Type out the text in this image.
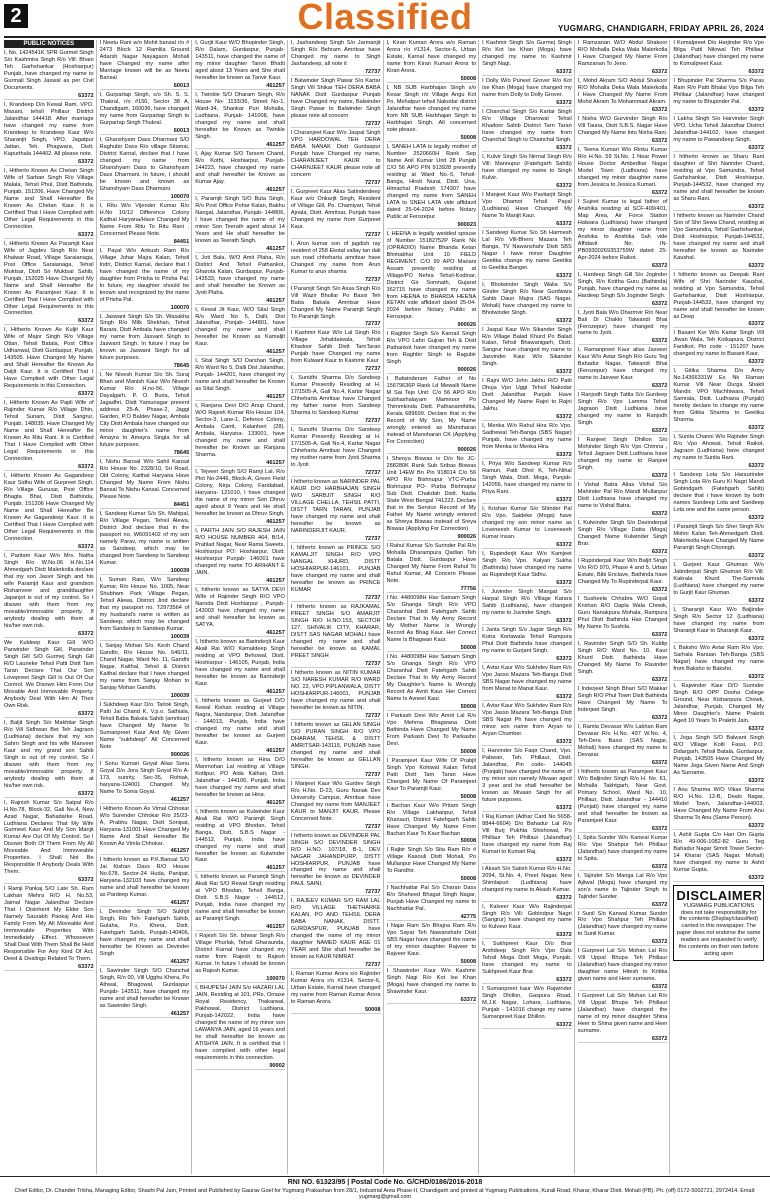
2	Classified	YUGMARG, CHANDIGARH, FRIDAY APRIL 26, 2024
PUBLIC NOTICES
I, No. 1424541K SPR Gurmel Singh S/o Kashmira Singh R/o Vill: Bhani Teh Garhshankar (Hoshiarpur) Punjab, have changed my name to Gurmail Singh Jaswal as per Civil Documents.
63372
I, Krandeep D/o Kewal Ram, VPO. Masani, tehsil Phillaur District Jalandhar 144418. After marriage have changed my name from Krandeep to Krandeep Kaur W/o Sharanjit Singh, VPO. Jagatpur Jattan, Teh. Phagwara, Distt. Kapurthala 144402. All please note.
63372
I, Hitherto Known As Chetan Singh Wife of Sarban Singh R/o Village Malala, Tehsil Phul, Distt Bathinda, Punjab, 151206. Have Changed My Name and Shall Hereafter Be Known As Chetan Kaur. It is Certified That I Have Complied with Other Legal Requirements in this Connection.
63372
I, Hitherto Known As Paramjit Kaur Wife of Jagdev Singh R/o Near Khalwar Road, Village Saraianaga, Post Office Saraianaga, Tehsil Muktsar, Distt Sri Muktsar Sahib, Punjab, 152025 Have Changed My Name and Shall Hereafter Be Known As Paramjeet Kaur. It is Certified That I Have Complied with Other Legal Requirements in this Connection.
63372
I, Hitherto Known As Kuljit Kaur Wife of Major Singh R/o Village Otian, Tehsil Batala, Post Office Udhanwal, Distt Gurdaspur, Punjab, 143505. Have Changed My Name and Shall Hereafter Be Known As Daljit Kaur. It is Certified That I Have Complied with Other Legal Requirements in this Connection.
63372
I, Hitherto Known As Papli Wife of Rajinder Kumar R/o Village Dhin, Tehsil Sunam, Distt Sangrur, Punjab, 148035. Have Changed My Name and Shall Hereafter Be Known As Ritu Rani. It is Certified That I Have Complied with Other Legal Requirements in this Connection.
63372
I, Hitherto Known As Gagandeep Kaur Sidhu Wife of Gurpreet Singh, R/o Village Gurusar, Post Office Bhagta Bhai, Distt Bathinda, Punjab, 151206 Have Changed My Name and Shall Hereafter Be Known As Gagandeep Kaur. It is Certified That I Have Complied with Other Legal Requirements in this Connection.
63372
I, Paritam Kaur W/o Mrs. Natha Singh R/o W.No.06 H.No.114 Ahmedgarh Distt Malerkotla declare that my son Jasvir Singh and his wife Paramjit Kaur and grandson Rishanveer and granddaughter Japanjot is out of my control. So I disown with them from my movable/immovable property. If anybody dealing with them at his/her own risk.
63372
We Kuldeep Kaur Gill W/O Parwinder Singh Gill, Parwinder Singh Gill S/O Gurmej Singh Gill R/O Launeke Tehsil Patti Distt Tarn Taran Declare That Our Son Lovepreet Singh Gill Is Out Of Our Control. We Disown Him From Our Movable And Immovable Property. Anybody Deal With Him At Their Own Risk.
63372
I, Baljit Singh S/o Makhtiar Singh R/o Vill Sidhwan Bet Teh Jagraon (Ludhiana) declare that my son Sahrn Singh and his wife Manveer Kaur and my grand son Sahib Singh is out of my control. So I disown with them from my movable/immovable property. If anybody dealing with them at his/her own risk.
63372
I, Rajnish Kumar S/o Satpal R/o H.No.78, Block-32, Gali No.4, New Azad Nagar, Bahadarke Road, Ludhiana Declares That My Wife Gurmeet Kaur And My Son Manjit Kumar Are Out Of My Control. So I Disown Both Of Them From My All Moveable And Immoveable Properties. I Shall Not Be Responsible If Anybody Deals With Them.
63372
I Ramji Pankaj S/O Late Sh. Ram Lakhan Mehra R/O H. No.53, Jaimal Nagar Jalandhar Declare That I Disinherit My Elder Son Namely Saurabh Pankaj And His Family From My All Moveable And Immoveable Properties With Immediately Effect. Whosoever Shall Deal With Them Shall Be Held Responsible For Any Kind Of Act, Deed & Dealings Related To Them.
63372
I Neetu Rani w/o Mohit bansal r/o # 2473 Block 12 Ramlila Ground Adarsh Nagar Nayagaon Mohali have Changed my name after Marriage known will be as Neetu Bansal
60013
I, Gurpartap Singh, s/o Sh. S. S. Thakral, r/o #150, Sector 38 A, Chandigarh, 160036, have changed my name from Gurpartap Singh to Gurpartap Singh Thukral.
60013
I, Ghanshyam Dass Dharmani S/O Raghubir Dass R/o village Sitamai, District Karnal, declare that I have changed my name from Ghanshyam Dass to Ghanshyam Dass Dharmani. In future, I should be known and known as Ghanshyam Dass Dharmani.
100070
I, Ritu W/o Vijender Kumar R/o H.No 10/12 Difference Colony Kaithal Haryana/Have Changed My Name From Ritu To Ritu Rani . Concerned Please Note.
84451
I, Payal W/o Ankush Ram R/o Village Johar Majra Kalan, Tehsil Indri, District Karnal, declare that I have changed the name of my daughter from Prisha to Prisha Pal. In future, my daughter should be known and recognized by the name of Prisha Pal.
100070
I, Jaswant Singh S/o Sh. Wasakha Singh R/o Milk Shekhan, Tehsil Barara, Distt Ambala have changed my name from Jasvant Singh to Jaswant Singh. In future I may be known as Jaswant Singh for all future purposes.
78645
I, Ne Nivesh Kumar S/o Sh. Suraj Bhan and Manish Kaur W/o Nivesh Kumar R/o H.no-56, Village Dayalgarh, P. O. Buria, Tehsil Jagadhri, Distt Yamunagar present address 25-A, Phase-2, Jaggi Garden, P.O Baldev Nagar, Ambala City Distt Ambala have changed our minor daughter's name from Amayra to Amayra Singla for all future purposes.
78645
I, Nishu Bansal W/o Sahil Kansal R/o House No. 2328/10, Sri Road, Old Colony, Kaithal Haryana Have Changed My Name From Nishu Bansal To Nishu Kansal. Concerned Please Note.
84451
I, Sandeep Kumar S/o Sh. Mahipal, R/o Village Pegan, Tehsil Alewa, District Jind declare that in the passport no. W6091402 of my son namely Parav, my name is written as Sandeep, which may be changed from Sandeep to Sandeep Kumar.
100039
I, Suman Rani, W/o Sandeep Kumar, R/o House No. 1005, Near Shubham Park Village Pegan, Tehsil Alewa, District Jind declare that my passport no. T2973564 of my husband's name is written as Sandeep, which may be changed from Sandeep to Sandeep Kumar.
100039
I, Sanjay Mohan S/o. Kesh Chand Gandhi, R/o House No. 646/11, Chand Nagar, Ward No. 11, Gandhi Nagar, Kaithal, Tehsil & District Kaithal declare that I have changed my name from Sanjay Mohan to Sanjay Mohan Gandhi.
100039
I Sukhdeep Kaur D/o. Tarlok Singh, Patti Jai Chand K, V.p.o. Sathiala, Tehsil Baba Bakala Sahib (amritsar) have Changed My Name To Sumanpreet Kaur And My Given Name "sukhdeep" All Concerned Note
900026
I Sonu Kumari Goyal Alias Sonu Goyal D/o Jora Singh Goyal R/o A-173, sunrity, Sec-35, Rohtak, haryana-124001 Changed My Name To Sonia Goyal.
461257
I Hitherto Known As Vimal Chhokar W/o Surender Chhokar R/o 25/23-A, Prabhu Nagar, Distt Sonipat, Haryana-131001 Have Changed My Name And Shall Hereafter Be Known As Vimla Chhokar.
461257
I hitherto known as P.K.Bansal S/O Jai Kishan Dass R/O House No.678, Sector-24 Huda, Panipat, Haryana-132103 have changed my name and shall hereafter be known as Pardeep Kumar.
461257
I, Devinder Singh S/O Sukhjit Singh, R/o Teh- Fatehgarh Sahib, Gulaha, P.o. Khera, Distt. Fatehgarh Sahib, Punjab-140406, have changed my name and shall hereafter be Known as Devinder Singh
461257
I, Sawinder Singh S/O Chanchal Singh, R/o 00, Vill Ugghu Khera, Po Athwal, Bhagowal, Gurdaspur Punjab- 143511, have changed my name and shall hereafter be Known as Sawinder Singh.
461257
I, Gurjit Kaur W/O Bhupinder Singh, R/o Dalam, Gurdaspur, Punjab-143511, have changed the name of my minor daughter Tanvir Bhatti aged about 13 Years and She shall hereafter be known as Tanvir Kaur.
461257
I, Twinkle S/O Dharam Singh, R/o House No- 1133/36, Street No-1, Ward-34, Shankar Puri Mohalla, Ludhiana, Punjab- 141008, have changed my name and shall hereafter be Known as Twinkle Singh.
461257
I, Ajay Kumar S/O Tarsem Chand, R/o Kothi, Hoshiarpur, Punjab-144223, have changed my name and shall hereafter be Known as Kumar Ajay.
461257
I, Paramjit Singh S/O Buta Singh, R/o Post Office Pohar Kalan, Bakhu Nangal, Jalandhar, Punjab- 144806, I have changed the name of my minor Son Teerath aged about 14 Years and He shall hereafter be known as Teerath Singh.
461257
I, Joti Bala, W/O Amit Plaha, R/o District And Tehsil Pathankot, Gharota Kalan, Gurdaspur, Punjab-143533, have changed my name and shall hereafter be Known as Jyoti Plaha.
461257
I, Kewal Jit Kaur, W/O Sital Singh R/o Ward No 5, Dalli, Dist Jalandhar, Punjab- 144801, have changed my name and shall hereafter be Known as Kamaljit Kaur.
461257
I, Sital Singh S/O Darshan Singh, R/o Ward No 5, Dalli Dist Jalandhar, Punjab- 144201, have changed my name and shall hereafter be Known as Sital Singh.
461257
I, Ranjana Devi D/O Anup Chand, W/O Rajesh Kumar R/o House 104, Sector-3, Lane-1, Defence Colony, Ambala Cantt, Kalanheri (28), Ambala, Haryana- 133001, have changed my name and shall hereafter be Known as Ranjana Sharma.
461257
I, Tejveer Singh S/O Ramji Lal, R/o Plot No-2446, Block-A, Green Field Colony, Nirja Colony, Faridabad, Haryana- 121010, I have changed the name of my minor Son Dhruv aged about 9 Years and He shall hereafter be known as Dhruv Singh.
461257
I, PARTH JAIN S/O RAJESH JAIN R/O HOUSE NUMBER 464, B/14, Prahlad Nagar, Near Rama Sweets, Hoshiarpur PO: Hoshiarpur, Distt: Hoshiarpur Punjab- 146001 have changed my name TO ARIHANT E JAIN.
461257
I, hitherto known as SATYA DEVI Wife of Rajinder Singh R/O VPO Naroda Distt Hoshiarpur , Punjab-143003 have changed my name and shall hereafter be known as SATYA.
461257
I, hitherto known as Barinderjit Kaur Akali Rai W/O Kamaldeep Singh residing at VPO Behowal, Distt. Hoshiarpur - 146105, Punjab, India have changed my name and shall hereafter be known as Barinderjit Kaur.
461257
I, hitherto known as Gurjeet D/O Kewal Kishan residing at Village Nagra, Nandanpur, Distt. Jalandhar - 144013, Punjab, India have changed my name and shall hereafter be known as Gurjeet Kaur.
461257
I, hitherto known as Hina D/O Manmohan Lal residing at Village Kotlipur, PO Aida Kalhan, Distt. Jalandhar - 144106, Punjab, India have changed my name and shall hereafter be known as Hina.
461257
I, hitherto known as Kulwinder Kaur Akali Rai W/O Paramjit Singh residing at VPO Bhodan, Tehsil Banga, Distt. S.B.S Nagar - 144512, Punjab, India have changed my name and shall hereafter be known as Kulwinder Kaur.
461257
I, hitherto known as Paramjit Singh Akali Rai S/O Rewal Singh residing at VPO Bhodan, Tehsil Banga, Distt. S.B.S Nagar - 144512, Punjab, India have changed my name and shall hereafter be known as Paramjit Singh.
461257
I Rajesh S/o Sh. Ishwar Singh R/o Village Phurlak, Tehsil Gharaunda, District Karnal have changed my name from Rajesh to Rajesh Kumar. In future I should be known as Rajesh Kumar.
100070
I, BHUPESH JAIN S/o HAZARI LAL JAIN, Residing at 101, PRs, Omaxe Royal Residency, Thakarwal, Pakhowal, District Ludhiana, Punjab-142022, India have changed the name of my minor son LAWANYA JAIN, aged 16 years and he shall hereafter be known as ATISHYA JAIN. It is certified that I have complied with other legal requirements in this connection.
90002
I, Jashandeep Singh S/o Jarmanjit Singh R/o Behram Amritsar have Changed my name to Singh Jashandeep, all note it
72737
I Balwinder Singh Pawar S/o Kartar Singh Vill Shikar TEH DERA BABA NANAK Distt Gurdaspur Punjab have Changed my name, Balwinder Singh Pawar to Balwinder Singh please note all concern
72737
I Charanjeet Kaur W/o Jaspal Singh VPO HARDOWAL TEH DERA BABA NANAK Distt Gurdaspur Punjab have Changed my name, CHARANJEET KAUR to CHARNJEET KAUR please note all concern
72737
I, Gurpreet Kaur Alias Satinderdeep Kaur w/o Onkarjit Singh, Resident of Village Gill, Po. Chamiyari, Tehsil Ajnala, Distt. Amritsar, Punjab have Changed my name from Gurpreet Kaur.
72737
I, Arun kumar son of jagdish ray resident of 258 Ekotal vallay tan dali sun road chheharta amritsar have Changed my name from Arun Kumar to arun sharma
72737
I Paramjit Singh S/o Assa Singh R/o Vill Wazir Bhullar Po Bassi Teh Baba Bakala Amritsar Have Changed My Name Paramjit Singh To Paramjit Singh
72737
I Kashmir Kaur W/o Lal Singh R/o Village Johaldaiwala, Tehsil Khadoor Sahib Distt TarnTaran Punjab have Changed my name from Kulwant Kaur to Kashmir Kaur
72737
I, Sunidhi Sharma D/o Sandeep Kumar Presently Residing at H. 17/1505-A, Gali No.4, Kartar Nagar Chheharta Amritsar have Changed my father name from Sandeep Sharma to Sandeep Kumar
72737
I, Sunidhi Sharma D/o Sandeep Kumar Presently Residing at H. 17/1505-A, Gali No.4, Kartar Nagar Chheharta Amritsar have Changed my mother name from Jyoti Sharma to Jyoti
72737
I hitherto known as NARINDER PAL KAUR D/O HARBHAJAN SINGH W/O SARBJIT SINGH R/O VILLAGE CHELLA, TEHSIL PATTI, DISTT TARN TARAN, PUNJAB have changed my name and shall hereafter be known as NARINDERJIT KAUR.
72737
I, hitherto known as PRINCE S/O KAMALJIT SINGH R/O VPO NANGAL KHURD, DISTT HOSHIARPUR-146101, PUNJAB have changed my name and shall hereafter be known as PRINCE KUMAR
72737
I hitherto known as RAJKAMAL PREET SINGH S/O AMARJIT SINGH R/O H.NO.153, SECTOR 127, SHIVALIK CITY, KHARAR, DISTT SAS NAGAR MOHALI have changed my name and shall hereafter be known as KAMAL PREET SINGH
72737
I hitherto known as NITIN KUMAR S/O NARESH KUMAR R/O WARD NO. 22, VPO PIPLANWALA, DISTT HOSHIARPUR-146001, PUNJAB have changed my name and shall hereafter be known as NITIN.
72737
I hitherto known as GELAN SINGH S/O PURAN SINGH R/O VPO DHARAM, TEHSIL & DISTT AMRITSAR-143115, PUNJAB have changed my name and shall hereafter be known as GELLAN SINGH.
72737
I Manjeet Kaur W/o Gurdev Singh R/o H.No. D-23, Guru Nanak Dev University Campus, Amritsar have Changed my name from MANJEET KAUR to MANJIT KAUR. Please Concerned Note.
72737
I hitherto known as DEVINDER PAL SINGH S/O DEVINDER SINGH R/O H.NO. 107/18, B-1, DEV NAGAR JAHANDPURP, DISTT HOSHIARPUR, PUNJAB have changed my name and shall hereafter be known as DEVINDER PAUL SAINI.
72737
I, RAJEEV KUMAR S/O RAM LAL R/O VILLAGE THETHARKE KALAN, PO AND TEHSIL DERA BABA NANAK, DISTT. GURDASPUR, PUNJAB have changed the name of my minor daughter NAMED KAUR AGE 01 YEAR and She shall hereafter be known as KAUR NIMRAT
72737
I, Raman Kumar Arora s/o Rajinder Kumar Arora r/o #1314, Sector-6, Urban Estate, Karnal have changed my name from Raman Kumar Arora to Raman Arora.
50008
I, Kiran Kumari Arora w/o Raman Arora r/o #1314, Sector-6, Urban Estate, Karnal have changed my name from Kiran Kumari Arora to Kiran Arora.
50008
I, NB SUB Harbhajan Singh s/o Kesar Singh r/o Village Angu Kot Po. Mehatpur tehsil Nakodar district Jalandhar have changed my name from NB SUB Harbhajan Singh to Harbhajan Singh. All concerned note please.
50008
I, SANEH LATA is legally mother of Number 2520660H Rank Sep Name Anil Kumar Unit 28 Punjab C/O 56 APO PIN 913928 presently residing at Ward No.-5, Tehsil-Banga, Hindi Nurai, Distt. Una, Himachal Pradesh 174307 have changed my name from SANEH LATA to SNEH LATA vide affidavit dated 25-04-2024 before Notary Public at Ferozepur.
900023
I, HEENA is legally wedded spouse of Number 15182752P Rank Nk (OPRADIO) Name Bhanda Ketan Bhimabhai Unit 10 FIELD REGIMENT. C/O 99 APO Mariani Assam presently residing at Village/PO Nehra Tehsil-Kodinar, District Gir Somnath, Gujarat 362715 have changed my name from HEENA to BHARDA HEENA KETAN vide affidavit dated 25-04-2024 before Notary Public at Ferozepur.
900026
I Raghbir Singh S/o Karnail Singh R/o VPO Lahri Gujran Teh & Distt Pathankot have changed my name from Raghbir Singh to Ragubir Singh
900026
I Balwinderam Father of No 15679636P Rank Ld Mewalli Name M Sai Tejo Unit: C/o 56 APO R/o Subhashalayam Mamnoor Po Thimmkinda Distt. Pathanamthitta, Kerala 689699. Declare that in the Record of My Son, My Name wrongly entered as Manoharan instead of Manoharan CK (Applying For Correction)
900026
I Sheoya Biswas is D/o No JC-288280K Rank Sub Sribas Biswas Unit 14EW Bn Pin 918014 C/o 56 APO R/o Bishnupur VTC-Purba Bishnupur PO- Purba Bishnupur Sub Distt. Chakdah Distt. Nadia State West Bengal 741223. Declare that in the Service Record of My Father My Name wrongly entered as Shreya Biswas instead of Sreya Biswas (Applying For Correction)
900026
I Rahul Kumar S/o Surinder Pal R/o Mohalla Dharampura Qadian Teh Batala Distt. Gurdaspur Have Changed My Name From Rahul To Rahul Kumar, All Concern Please Note.
77756
I No. 4480098H Hav Satnam Singh S/o Ghanga Singh R/o VPO Charanhal Distt Fatehgarh Sahib Declare That In My Army Record My Mother Name Is Wrongly Record As Bhag Kaur. Her Correct Name Is Bhagwan Kaur.
50008
I No. 4480098H Hav Satnam Singh S/o Ghanga Singh R/o VPO Charanhal Distt Fatehgarh Sahib Declare That In My Army Record My Daughter's Name Is Wrongly Record As Avnit Kaur. Her Correct Name Is Avneet Kaur.
50008
I Parkash Devi W/o Amrit Lal R/o Vpo Mehma Bhagwana Distt Bathinda Have Changed My Name From Parkash Devi To Parkasho Devi.
50008
I Paramjeet Kaur Wife Of Prabjit Singh Vpo Kohiwal Kalan Tehsil Patti Distt Tarn Taran Have Changed My Name Of Paramjeet Kaur To Paramjit Kaur.
50008
I Bachan Kaur W/o Pritam Singh R/o Village Lakhanpur, Tehsil Khanauri, District Fatehgarh Sahib Have Changed My Name From Bachan Kaur To Kaur Bachan
50008
I Rajbir Singh S/o Sita Ram R/o # Village Kasouli Distt Mohali, Po Mullanpur Have Changed My Name To Randhir.
50008
I Nachhattar Pal S/o Charan Dass R/o Shaheed Bhagat Singh Nagar, Punjab Have Changed my name to Nachhattar Pal.
42775
I Najar Ram S/o Bhajna Ram R/o Vpo Sayar Teh Nawanshahr Distt SBS Nagar have changed the name of my minor daughter Rajveer to Rajveer Kaur.
50008
I Shawinder Kaur W/o Kashmir Singh Nagi R/o Kot Ise Khan (Moga) have changed my name to Shawinder Kaur.
63372
I Kashmir Singh S/o Gurmej Singh R/o Kot Ise Khan (Moga) have changed my name to Kashmir Singh Nagi.
63372
I Dolly W/o Puneet Grover R/o Kot Ise Khan (Moga) have changed my name from Dolly to Dolly Grover.
63372
I Chanchal Singh S/o Kartar Singh R/o Village Dharowal Tehsil Khadoor Sahib District Tarn Taran have changed my name from Chanchal Singh to Chainchal Singh.
63372
I, Kulvir Singh S/o Nirmal Singh R/o Vill: Mannupur (Fatehgarh Sahib) have changed my name to Singh Kulvir.
63372
I Manjeet Kaur W/o Pavitarjit Singh Vpo Dhamot Tehsil Payal (Ludhiana) Have Changed My Name To Manjit Kaur.
63372
I Sandeep Kumar S/o Sh Harmesh Lal R/o Vill-Bhero Mazara Teh Banga, TV Nawanshahr Distt SBS Nagar I have minor Daughter Geetika change my name Geetika to Geetika Banger.
63372
I, Bholwinder Singh Walia S/o Ginder Singh R/o Near Gurdwara Sahib Daun Majra (SAS Nagar, Mohali) have changed my name to Bholwinder Singh.
63372
I Jaspal Kaur W/o Sikander Singh R/o Village Balad Khurd Po Balad Kalan, Tehsil Bhawanigarh, Distt. Sangrur have changed my name to Jasvinder Kaur W/o Sikander Singh.
63372
I Rajni W/O John Jakhu R/O Patti Dhuja Vpo Uggi Tehsil Nakodar Distt Jalandhar Punjab Have Changed My Name Rajni to Rajni Jakhu.
63372
I, Menka W/o Rahul Hira R/o Vpo. Sadhewal Teh-Banga (SBS Nagar) Punjab, have changed my name from Menka to Menka Hira.
63372
I, Priya W/o Sandeep Kumar R/o Ramun, Patti Dhol K, Teh-Nihal Singh Wala, Distt. Moga, Punjab-142056, have changed my name to Priya Rani.
63372
I, Krishan Kumar S/o Shinder Pal R/o Vpo. Saideke (Moga) have changed my son minor name as Loveneesh Kumar to Loveneesh Kumar Insan.
63372
I, Rupinderjit Kaur W/o Kamjeet Singh R/o Vpo. Kalyan Sukha (Bathinda) have changed my name as Rupinderjit Kaur Sidhu.
63372
I, Juvinder Singh Mangat S/o Harpal Singh R/o Village Karara Sahib (Ludhiana), have changed my name to Juvinder Singh.
63372
I Janta Singh S/o Jagsir Singh R/o Kotra Koriawala Tehsil Rampura Phul Distt Bathinda have changed my name to Gurjant Singh.
63372
I, Avtar Kaur W/o Sukhdev Ram R/o Vpo Jasso Mazara Teh-Banga Distt SBS Nagar have changed my name from Manat to Manat Kaur.
63372
I, Avtar Kaur W/o Sukhdev Ram R/o Vpo Jasso Mazara Teh-Banga Distt SBS Nagar Ph have changed my minor son name from Aryan to Aryan Chumber.
63372
I, Harvinder S/o Faqir Chand, Vpo. Pabwan, Teh. Phillaur, Distt. Jalandhar, Pin code- 144045 (Punjab) have changed the name of my minor son namely Mivaan aged 3 year and he shall hereafter be known as Mivaan Singh for all future purposes.
63372
I Raj Kumari (Adhar Card No 5658-8844-6604) D/o Bahadur Lal R/o Vill Burj Pukhta Shishowal, Po Phillaur Teh Phillaur (Jalandhar) have changed my name from Raj Kumari to Kumari Raj.
63372
I Akash S/o Satish Kumar R/o H.No. 2094, St.No. 4, Preet Nagar, New Shimlapuri (Ludhiana) have changed my name to Akash Kumar.
63372
I, Kalveer Kaur W/o Rajinderpal Singh R/o Vill: Gobindpur Nagri (Sangrur) have changed my name to Kulveer Kaur.
63372
I, Sukhpreet Kaur D/o Brar Arshdeep Singh R/o Vpo Dala Tehsil Moga Distt Moga, Punjab, have changed my name to Sukhpreet Kaur Brar.
63372
I Sumanpreet kaur W/o Rajwinder Singh Dhillon, Gaspura Road, M.J.K Nagar, Lohara, Ludhiana, Punjab - 141016 change my name Sumanpreet Kaur Dhillon.
63372
I Ramzanan W/O Abdul Shakoor R/O Mohalla Deka Wala Malerkotla I Have Changed My Name From Ramzanan To Jeno.
63372
I, Mohd Akram S/O Abdul Shakoor R/O Mohalla Deka Wala Malerkotla I Have Changed My Name From Mohd Akram To Mohammad Akram.
63372
I Nisha W/O Gurvinder Singh R/o Vill Tauna, Distt S.B.S. Nagar Have Changed My Name Into Nisha Rani.
63372
I, Teena Kumari W/o Rinku Kumar R/o H.No. 59 St.No. 1 Near Power House Doctor Ambedkar Nagar Model Town (Ludhiana) have changed my minor daughter name from Jessica to Jessica Kumari.
63372
I Sujeet Kumar is legal father of Anshika residing at SCF-409/401, Map Area, Air Force Station Halwara (Ludhiana) have changed my minor daughter name from Anshika to Anshika Sah vide Affidavit No. IN-PB09300269353759W dated 25-Apr-2024 before Raikot.
63372
I, Hardeep Singh Gill S/o Joginder Singh, R/o Kottha Guru (Bathinda) Punjab, have changed my name as Hardeep Singh S/o Joginder Singh.
63372
I, Jyoti Bala W/o Dharmvir R/o Near Bali Di Chakki Talwandi Bhai (Ferozepur) have changed my name to Jyoti.
63372
I, Ramanpreet Kaur alias Jasveer Kaur W/o Avtar Singh R/o Guru Teg Bahadur Nagar, Talwandi Bhai (Ferozepur) have changed my name to Jasveer Kaur.
63372
I Ranjodh Singh Tattla S/o Gurdeep Singh R/o Vpo Lamma Tehsil Jagraon Distt Ludhiana have changed my name to Ranjodh Singh.
63372
I Ranjeet Singh Dhillon S/o Mohinder Singh R/o Vpo Chimna , Tehsil Jagraon Distt Ludhiana have changed my name to Ranjeet Singh.
63372
I Vishal Batra Alias Vishal S/o Mahinder Pal R/o Mandi Mullanpur Distt Ludhiana have changed my name to Vishal Batra.
63372
I, Kulwinder Singh S/o Davinderpal Singh R/o Village Datta (Moga) Changed Name Kulwinder Singh Brar.
63372
I Rupinderpal Kaur W/o Baljit Singh V/o R/O 970, Phase 4 and 5, Urban Estate, Bibi Enclave, Bathinda have Changed My To Rupinderpal Kaur.
63372
I Susheela Chhabra W/O Gopal Krishan R/O Dapla Wala Chowk, Guru Nanakpura Mohala, Rampura Phul Distt Bathinda Has Changed My Name To Sushila.
63372
I, Ravinder Singh S/O Sh. Kuldip Singh R/O Ward No. 10, Kaur Khurd Distt. Bathinda Have Changed My Name To Ravinder Singh.
63372
I Inderjeet Singh Bhari S/O Makkar Singh R/O Phul Town Distt Bathinda Have Changed My Name To Inderjeet Singh.
63372
I, Ramla Devasar W/o Lakhan Ram Devasar R/o H.No. 497 W.No. 4, Teh-Dera Bassi (SAS Nagar, Mohali) have changed my name to Devasar.
63372
I hitherto known as Paramjeet Kaur W/o Baljinder Singh R/o H. No. 61, Mohalla Takhtgarh, Near Govt. Primary School, Ward No. 10, Phillaur, Distt. Jalandhar - 144410 (Punjab) have changed my name and shall hereafter be known as Paramjeet Kaur.
63372
I, Spita Sunder W/o Kanwal Kumar R/o Vpo Shahpur Teh Phillaur (Jalandhar) have changed my name to Spita.
63372
I, Tajinder S/o Manga Lal R/o Vpo Ajitwal (Moga) have changed my son's name to Tajinder Singh to Tajinder Sunder.
63372
I Sunil S/o Kanwal Kumar Sunder R/o Vpo Shahpur Teh Phillaur (Jalandhar) have changed my name to Sunil Kumar.
63372
I Gurpreet Lal S/o Mohan Lal R/o Vill Uppal Bhupa Teh Phillaur (Jalandhar) have changed my minor daughter name Hitesh to Kritika given name and Heer surname.
63372
I Gurpreet Lal S/o Mohan Lal R/o Vill Uppal Bhupa Teh Phillaur (Jalandhar) have changed the name of my minor daughter Shina Heer to Shina given name and Heer surname.
63372
I Komalpreet D/o Harjinder R/o Vpo Bilga Patti Nilowal Teh Phillaur (Jalandhar) have changed my name to Komalpreet Kaur.
63372
I Bhupinder Pal Sharma S/o Paras Ram R/o Patti Bhalai Vpo Bilga Teh Phillaur (Jalandhar) have changed my name to Bhupinder Pal.
63372
I Lakha Singh S/o Harvinder Singh VPO. Ucha Tehsil Jalandhar District Jalandhar-144102, have changed my name to Pawandeep Singh.
63372
I hitherto known as Sharu Rani daughter of Shri Narinder Chand, residing at Vpo Samundra, Tehsil Garhshankar, Distt Hoshiarpur, Punjab-144532, have changed my name and shall hereafter be known as Sharu Rani.
63372
I hitherto known as Narinder Chand Son of Shri Sewa Chand, residing at Vpo Samundra, Tehsil Garhshankar, Distt Hoshiarpur, Punjab-144532, have changed my name and shall hereafter be known as Narinder Kaushal.
63372
I hitherto known as Deepak Rani Wife of Shri Narinder Kaushal, residing at Vpo Samundra, Tehsil Garhshankar, Distt Hoshiarpur, Punjab-144532, have changed my name and shall hereafter be known as Deep
63372
I Basant Kur W/o Kartar Singh Vill Jiwan Wala, Teh Kotkapura, District Faridkot, Pin code - 151207 have changed my name to Basant Kaur.
63372
I, Gitika Sharma D/o Army No.14366331W Ex Nk Raman Kumar Vill Near Durga Shakti Mandir, VPO Machhiwara, Tehsil Samrala, Distt. Ludhiana (Punjab) hereby declare to change my name from Gitika Sharma to Geetika Sharma.
63372
I, Sunita Channi W/o Rajinder Singh R/o Vpo Ahowal, Tehsil Raikot, Jagraon (Ludhiana) have changed my name to Sunita Rani.
63372
I Sandeep Lota S/o Harsurinder Singh Lota R/o Guru Ki Nagri Mandi Gobindgarh (Fatehgarh Sahib) declare that i have known by both names Sundeep Lota and Sandeep Lota one and the same person.
63372
I Paramjit Singh S/o Sher Singh R/o Mohni Kalan Teh-Ahmedgarh Distt. Malerkotla Have Changed My Name Paramjit Singh Chonngh.
63372
I, Gurjeet Kaur Ghuman W/o Jatinderpal Singh Ghuman R/o Vill: Kakrala Khurd The-Samrala (Ludhiana) have changed my name to Gurjit Kaur Ghuman.
63372
I, Sharanjit Kaur W/o Baljinder Singh R/o Sector 12 (Ludhiana) have changed my name from Sharanjit Kaur to Sharanjit Kaur.
63372
I, Baksho W/o Avtar Ram R/o Vpo. Sarhala Ranuan Teh-Banga (SBS Nagar) have changed my name from Baksho to Baksho.
63372
I, Rajwinder Kaur D/O Surinder Singh R/O OPP Dooha College Ground, Near Kishanpura Chowk, Jalandhar, Punjab, Changed My Minor Daughter's Name Prakriti Aged 10 Years To Prakriti Jain.
63372
I, Joga Singh S/O Balwant Singh R/O Village Kotli Fassi, P.O. Didargarh, Tehsil Batala, Gurdaspur, Punjab, 143505 Have Changed My Name Joga Given Name And Singh As Surname.
63372
I Anu Sharma W/O Vikas Sharma R/O H.No. 12-B, Deals Nagar, Model Town, Jalandhar-144003, Have Changed My Name From Anu Sharma To Anu (Same Person).
63372
I, Ashit Gupta C/o Hari Om Gupta R/o 49-006-1082-82 Guru Teg Bahadur Nagar Simrit Tower Sector-14 Kharar (SAS Nagar, Mohali) have changed my name to Ashit Kumar Gupta.
63372
DISCLAIMER
YUGMARG PUBLICATIONS does not take responsibility for the contents (Display/classified) carried in this newspaper. The paper does not endorse the same readers are requested to verify the contents on their own before acting upon
RNI NO. 61323/95 | Postal Code No. G/CHD/0186/2016-2018
Chief Editor, Dr. Chander Trikha, Managing Editor, Shashi Pal Jain, Printed and Published by Gaurav Goel for Yugmarg Prakashan from 28/1, Industrial Area Phase-II, Chandigarh and printed at Yugmarg Publications, Kurali Road, Kharar, Kharar Distt. Mohali (PB). Ph. (off) 0172-5002721, 2972414. Email: yugmarg@gmail.com
